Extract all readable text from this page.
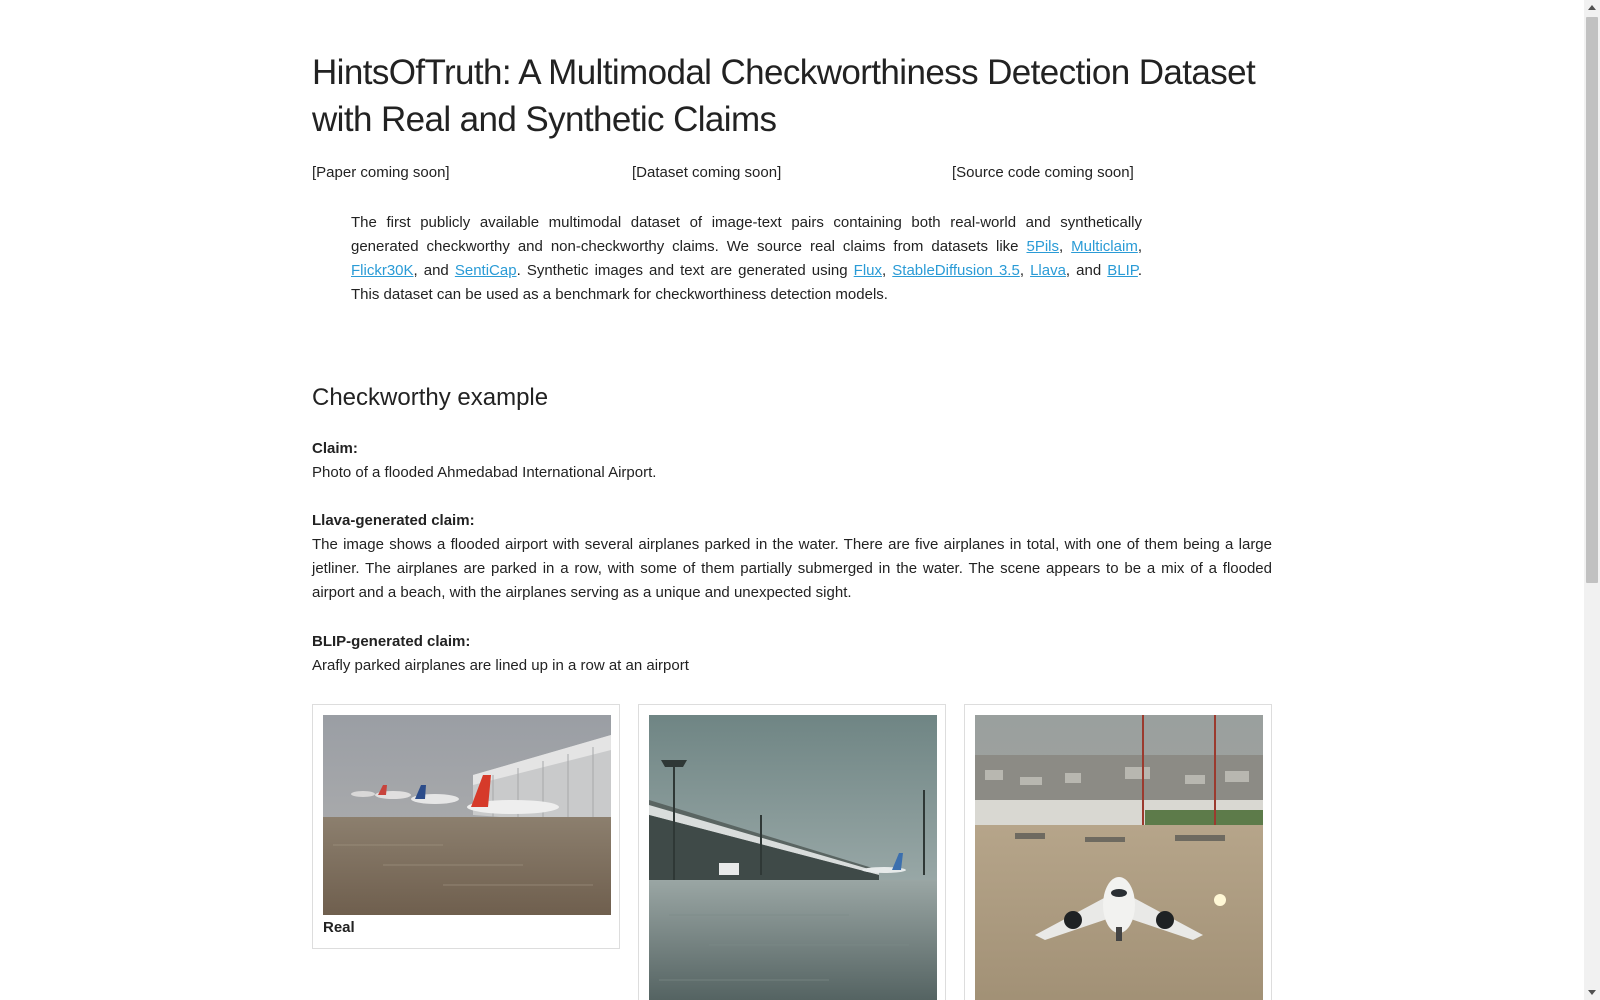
HintsOfTruth: A Multimodal Checkworthiness Detection Dataset with Real and Synthetic Claims
[Paper coming soon]	[Dataset coming soon]	[Source code coming soon]
The first publicly available multimodal dataset of image-text pairs containing both real-world and synthetically generated checkworthy and non-checkworthy claims. We source real claims from datasets like 5Pils, Multiclaim, Flickr30K, and SentiCap. Synthetic images and text are generated using Flux, StableDiffusion 3.5, Llava, and BLIP. This dataset can be used as a benchmark for checkworthiness detection models.
Checkworthy example
Claim:
Photo of a flooded Ahmedabad International Airport.
Llava-generated claim:
The image shows a flooded airport with several airplanes parked in the water. There are five airplanes in total, with one of them being a large jetliner. The airplanes are parked in a row, with some of them partially submerged in the water. The scene appears to be a mix of a flooded airport and a beach, with the airplanes serving as a unique and unexpected sight.
BLIP-generated claim:
Arafly parked airplanes are lined up in a row at an airport
Real
